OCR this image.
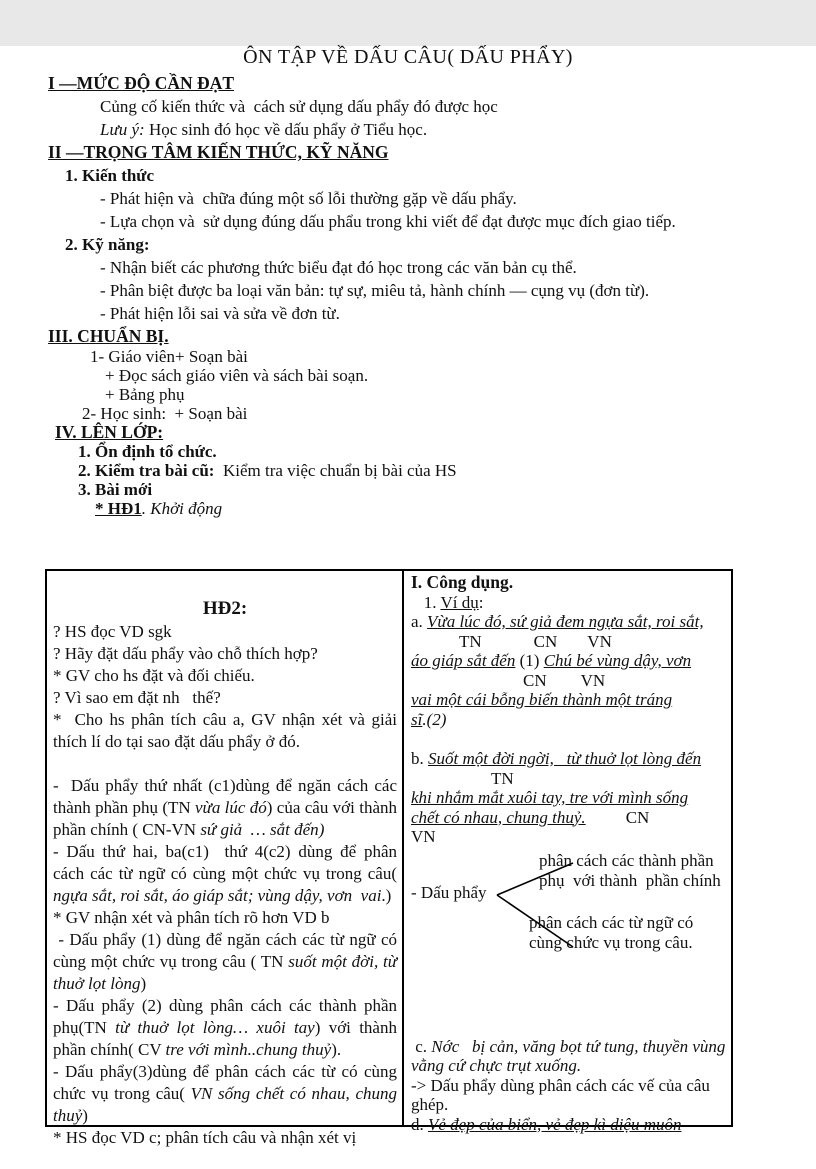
ÔN TẬP VỀ DẤU CÂU( DẤU PHẨY)
I —MỨC ĐỘ CẦN ĐẠT
Củng cố kiến thức và  cách sử dụng dấu phẩy đó được học
Lưu ý: Học sinh đó học về dấu phẩy ở Tiểu học.
II —TRỌNG TÂM KIẾN THỨC, KỸ NĂNG
1. Kiến thức
- Phát hiện và  chữa đúng một số lỗi thường gặp về dấu phẩy.
- Lựa chọn và  sử dụng đúng dấu phẩu trong khi viết để đạt được mục đích giao tiếp.
2. Kỹ năng:
- Nhận biết các phương thức biểu đạt đó học trong các văn bản cụ thể.
- Phân biệt được ba loại văn bản: tự sự, miêu tả, hành chính — cụng vụ (đơn từ).
- Phát hiện lỗi sai và sửa về đơn từ.
III. CHUẨN BỊ.
1- Giáo viên+ Soạn bài
+ Đọc sách giáo viên và sách bài soạn.
+ Bảng phụ
2- Học sinh:  + Soạn bài
IV. LÊN LỚP:
1. Ổn định tổ chức.
2. Kiểm tra bài cũ:  Kiểm tra việc chuẩn bị bài của HS
3. Bài mới
* HĐ1. Khởi động
HĐ2:
? HS đọc VD sgk
? Hãy đặt dấu phẩy vào chỗ thích hợp?
* GV cho hs đặt và đối chiếu.
? Vì sao em đặt nh   thế?
*  Cho hs phân tích câu a, GV nhận xét và giải thích lí do tại sao đặt dấu phẩy ở đó.
-  Dấu phẩy thứ nhất (c1)dùng để ngăn cách các thành phần phụ (TN vừa lúc đó) của câu với thành phần chính ( CN-VN sứ giả  … sắt đến)
- Dấu thứ hai, ba(c1)  thứ 4(c2) dùng để phân cách các từ ngữ có cùng một chức vụ trong câu( ngựa sắt, roi sắt, áo giáp sắt; vùng dậy, vơn  vai.)
* GV nhận xét và phân tích rõ hơn VD b
- Dấu phẩy (1) dùng để ngăn cách các từ ngữ có cùng một chức vụ trong câu ( TN suốt một đời, từ thuở lọt lòng)
- Dấu phẩy (2) dùng phân cách các thành phần phụ(TN từ thuở lọt lòng… xuôi tay) với thành phần chính( CV tre với mình..chung thuỷ).
- Dấu phẩy(3)dùng để phân cách các từ có cùng chức vụ trong câu( VN sống chết có nhau, chung thuỷ)
* HS đọc VD c; phân tích câu và nhận xét vị
I. Công dụng.
1. Ví dụ:
a. Vừa lúc đó, sứ giả đem ngựa sắt, roi sắt,
TN	CN VN
áo giáp sắt đến (1) Chú bé vùng dậy, vơn
CN VN
vai một cái bỗng biến thành một tráng
sĩ.(2)
b. Suốt một đời ngời,   từ thuở lọt lòng đến
TN
khi nhắm mắt xuôi tay, tre với mình sống
chết có nhau, chung thuỷ. CN
VN
- Dấu phẩy
phân cách các thành phần
phụ  với thành  phần chính
phân cách các từ ngữ có
cùng chức vụ trong câu.
c. Nớc   bị cản, văng bọt tứ tung, thuyền vùng vằng cứ chực trụt xuống.
-> Dấu phẩy dùng phân cách các vế của câu ghép.
d. Vẻ đẹp của biển, vẻ đẹp kì diệu muôn
